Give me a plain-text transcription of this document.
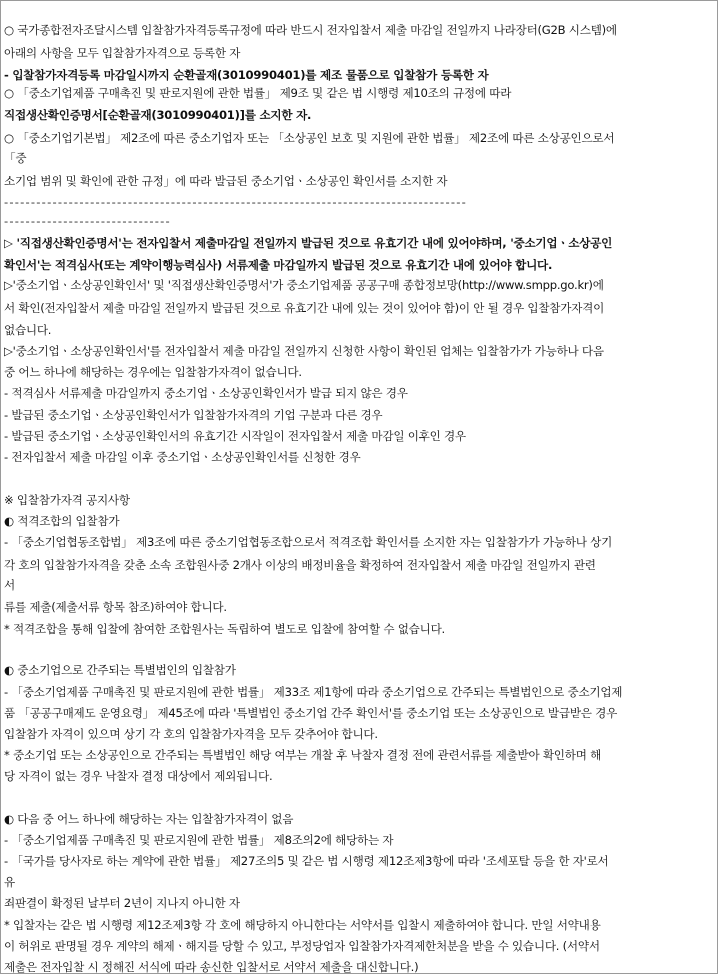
○ 국가종합전자조달시스템 입찰참가자격등록규정에 따라 반드시 전자입찰서 제출 마감일 전일까지 나라장터(G2B 시스템)에
아래의 사항을 모두 입찰참가자격으로 등록한 자
- 입찰참가자격등록 마감일시까지 순환골재(3010990401)를 제조 물품으로 입찰참가 등록한 자
○ 「중소기업제품 구매촉진 및 판로지원에 관한 법률」 제9조 및 같은 법 시행령 제10조의 규정에 따라
직접생산확인증명서[순환골재(3010990401)]를 소지한 자.
○ 「중소기업기본법」 제2조에 따른 중소기업자 또는 「소상공인 보호 및 지원에 관한 법률」 제2조에 따른 소상공인으로서
「중
소기업 범위 및 확인에 관한 규정」에 따라 발급된 중소기업ㆍ소상공인 확인서를 소지한 자
--------------------------------------------------------------------------------------
-------------------------------
▷ '직접생산확인증명서'는 전자입찰서 제출마감일 전일까지 발급된 것으로 유효기간 내에 있어야하며, '중소기업ㆍ소상공인
확인서'는 적격심사(또는 계약이행능력심사) 서류제출 마감일까지 발급된 것으로 유효기간 내에 있어야 합니다.
▷'중소기업ㆍ소상공인확인서' 및 '직접생산확인증명서'가 중소기업제품 공공구매 종합정보망(http://www.smpp.go.kr)에
서 확인(전자입찰서 제출 마감일 전일까지 발급된 것으로 유효기간 내에 있는 것이 있어야 함)이 안 될 경우 입찰참가자격이
없습니다.
▷'중소기업ㆍ소상공인확인서'를 전자입찰서 제출 마감일 전일까지 신청한 사항이 확인된 업체는 입찰참가가 가능하나 다음
중 어느 하나에 해당하는 경우에는 입찰참가자격이 없습니다.
- 적격심사 서류제출 마감일까지 중소기업ㆍ소상공인확인서가 발급 되지 않은 경우
- 발급된 중소기업ㆍ소상공인확인서가 입찰참가자격의 기업 구분과 다른 경우
- 발급된 중소기업ㆍ소상공인확인서의 유효기간 시작일이 전자입찰서 제출 마감일 이후인 경우
- 전자입찰서 제출 마감일 이후 중소기업ㆍ소상공인확인서를 신청한 경우
※ 입찰참가자격 공지사항
◐ 적격조합의 입찰참가
- 「중소기업협동조합법」 제3조에 따른 중소기업협동조합으로서 적격조합 확인서를 소지한 자는 입찰참가가 가능하나 상기
각 호의 입찰참가자격을 갖춘 소속 조합원사중 2개사 이상의 배정비율을 확정하여 전자입찰서 제출 마감일 전일까지 관련
서
류를 제출(제출서류 항목 참조)하여야 합니다.
* 적격조합을 통해 입찰에 참여한 조합원사는 독립하여 별도로 입찰에 참여할 수 없습니다.
◐ 중소기업으로 간주되는 특별법인의 입찰참가
- 「중소기업제품 구매촉진 및 판로지원에 관한 법률」 제33조 제1항에 따라 중소기업으로 간주되는 특별법인으로 중소기업제
품 「공공구매제도 운영요령」 제45조에 따라 '특별법인 중소기업 간주 확인서'를 중소기업 또는 소상공인으로 발급받은 경우
입찰참가 자격이 있으며 상기 각 호의 입찰참가자격을 모두 갖추어야 합니다.
* 중소기업 또는 소상공인으로 간주되는 특별법인 해당 여부는 개찰 후 낙찰자 결정 전에 관련서류를 제출받아 확인하며 해
당 자격이 없는 경우 낙찰자 결정 대상에서 제외됩니다.
◐ 다음 중 어느 하나에 해당하는 자는 입찰참가자격이 없음
- 「중소기업제품 구매촉진 및 판로지원에 관한 법률」 제8조의2에 해당하는 자
- 「국가를 당사자로 하는 계약에 관한 법률」 제27조의5 및 같은 법 시행령 제12조제3항에 따라 '조세포탈 등을 한 자'로서
유
죄판결이 확정된 날부터 2년이 지나지 아니한 자
* 입찰자는 같은 법 시행령 제12조제3항 각 호에 해당하지 아니한다는 서약서를 입찰시 제출하여야 합니다. 만일 서약내용
이 허위로 판명될 경우 계약의 해제ㆍ해지를 당할 수 있고, 부정당업자 입찰참가자격제한처분을 받을 수 있습니다. (서약서
제출은 전자입찰 시 정해진 서식에 따라 송신한 입찰서로 서약서 제출을 대신합니다.)
